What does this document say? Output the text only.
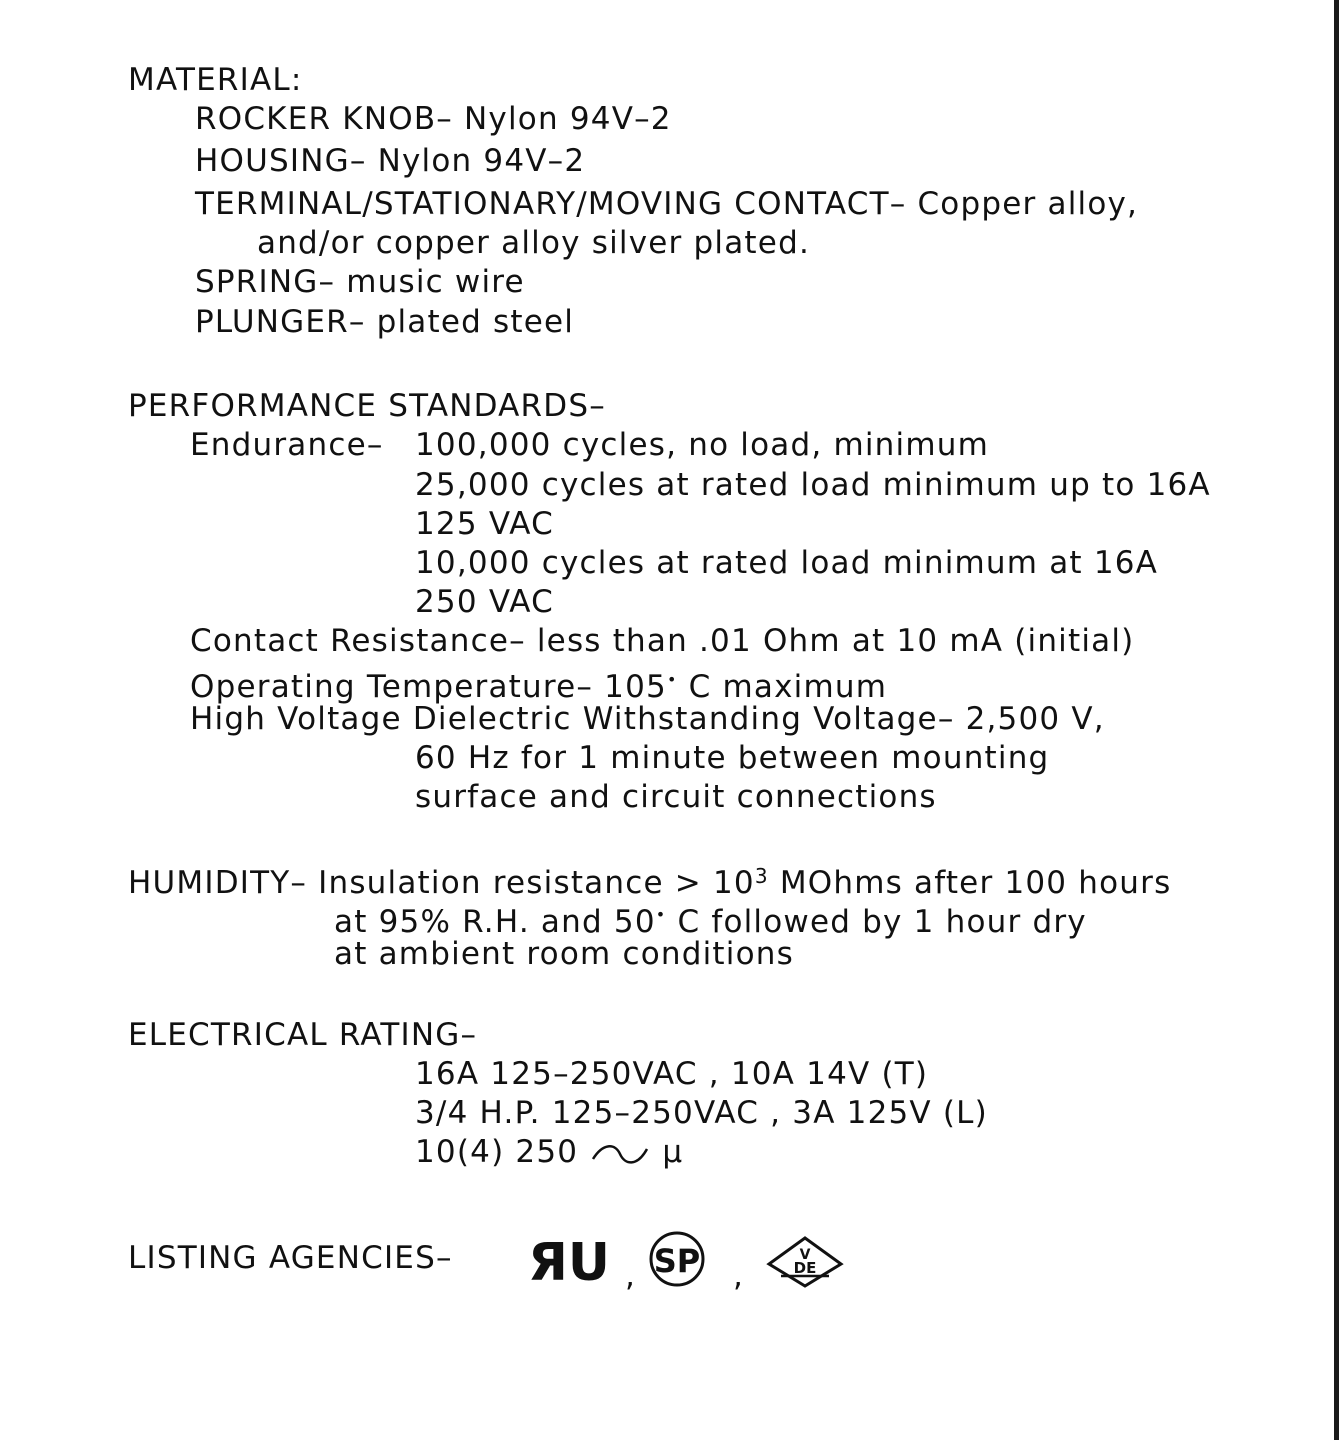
MATERIAL:
ROCKER KNOB– Nylon 94V–2
HOUSING– Nylon 94V–2
TERMINAL/STATIONARY/MOVING CONTACT– Copper alloy,
and/or copper alloy silver plated.
SPRING– music wire
PLUNGER– plated steel
PERFORMANCE STANDARDS–
Endurance– 100,000 cycles, no load, minimum
25,000 cycles at rated load minimum up to 16A
125 VAC
10,000 cycles at rated load minimum at 16A
250 VAC
Contact Resistance– less than .01 Ohm at 10 mA (initial)
Operating Temperature– 105• C maximum
High Voltage Dielectric Withstanding Voltage– 2,500 V,
60 Hz for 1 minute between mounting
surface and circuit connections
HUMIDITY– Insulation resistance > $10^3$ MOhms after 100 hours
at 95% R.H. and 50• C followed by 1 hour dry
at ambient room conditions
ELECTRICAL RATING–
16A 125–250VAC , 10A 14V (T)
3/4 H.P. 125–250VAC , 3A 125V (L)
10(4) 250	μ
LISTING AGENCIES– ЯU , SP ,
V
DE
